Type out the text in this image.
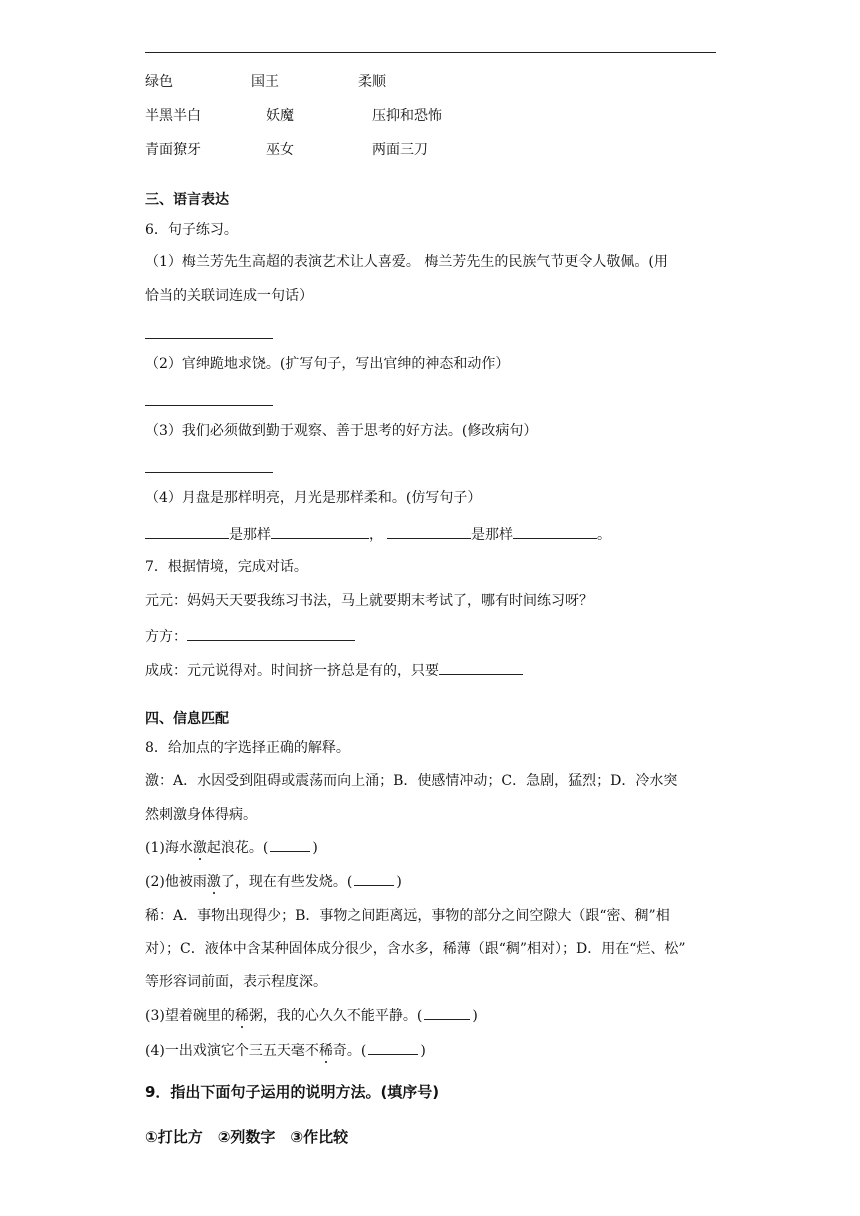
绿色	国王	柔顺
半黑半白	妖魔	压抑和恐怖
青面獠牙	巫女	两面三刀
三、语言表达
6．句子练习。
（1）梅兰芳先生高超的表演艺术让人喜爱。 梅兰芳先生的民族气节更令人敬佩。(用
恰当的关联词连成一句话）
（2）官绅跪地求饶。(扩写句子，写出官绅的神态和动作）
（3）我们必须做到勤于观察、善于思考的好方法。(修改病句）
（4）月盘是那样明亮，月光是那样柔和。(仿写句子）
是那样	，	是那样	。
7．根据情境，完成对话。
元元：妈妈天天要我练习书法，马上就要期末考试了，哪有时间练习呀？
方方：
成成：元元说得对。时间挤一挤总是有的，只要
四、信息匹配
8．给加点的字选择正确的解释。
激：A．水因受到阻碍或震荡而向上涌；B．使感情冲动；C．急剧，猛烈；D．冷水突
然刺激身体得病。
(1)海水激起浪花。(	)
(2)他被雨激了，现在有些发烧。(	)
稀：A．事物出现得少；B．事物之间距离远，事物的部分之间空隙大（跟“密、稠”相
对）；C．液体中含某种固体成分很少，含水多，稀薄（跟“稠”相对）；D．用在“烂、松”
等形容词前面，表示程度深。
(3)望着碗里的稀粥，我的心久久不能平静。(	)
(4)一出戏演它个三五天毫不稀奇。(	)
9．指出下面句子运用的说明方法。(填序号)
①打比方　②列数字　③作比较
